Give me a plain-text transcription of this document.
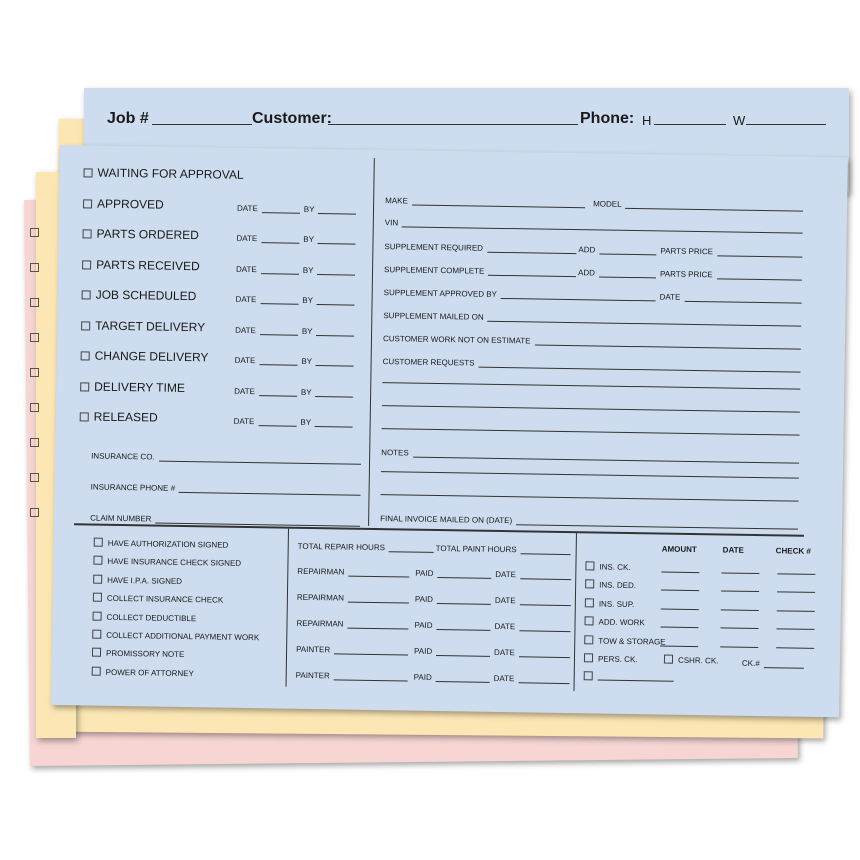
Job #	Customer:	Phone: H	W
WAITING FOR APPROVAL
APPROVED	DATE	BY
PARTS ORDERED	DATE	BY
PARTS RECEIVED	DATE	BY
JOB SCHEDULED	DATE	BY
TARGET DELIVERY	DATE	BY
CHANGE DELIVERY	DATE	BY
DELIVERY TIME	DATE	BY
RELEASED	DATE	BY
INSURANCE CO.
INSURANCE PHONE #
CLAIM NUMBER
MAKE	MODEL
VIN
SUPPLEMENT REQUIRED	ADD	PARTS PRICE
SUPPLEMENT COMPLETE	ADD	PARTS PRICE
SUPPLEMENT APPROVED BY	DATE
SUPPLEMENT MAILED ON
CUSTOMER WORK NOT ON ESTIMATE
CUSTOMER REQUESTS
NOTES
FINAL INVOICE MAILED ON (DATE)
HAVE AUTHORIZATION SIGNED
HAVE INSURANCE CHECK SIGNED
HAVE I.P.A. SIGNED
COLLECT INSURANCE CHECK
COLLECT DEDUCTIBLE
COLLECT ADDITIONAL PAYMENT WORK
PROMISSORY NOTE
POWER OF ATTORNEY
TOTAL REPAIR HOURS	TOTAL PAINT HOURS
REPAIRMAN	PAID	DATE
REPAIRMAN	PAID	DATE
REPAIRMAN	PAID	DATE
PAINTER	PAID	DATE
PAINTER	PAID	DATE
AMOUNT	DATE	CHECK #
INS. CK.
INS. DED.
INS. SUP.
ADD. WORK
TOW & STORAGE
PERS. CK.	CSHR. CK.	CK.#
